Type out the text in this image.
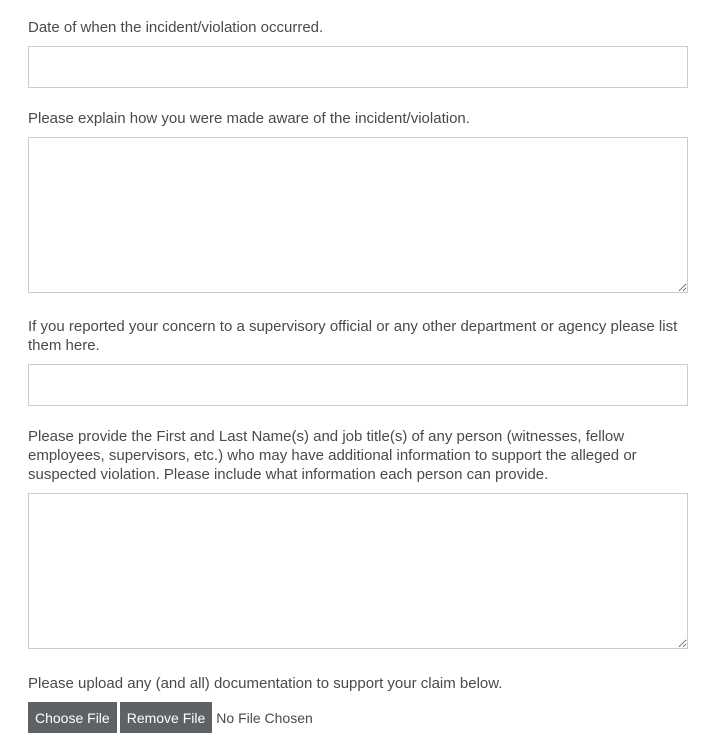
Date of when the incident/violation occurred.

Please explain how you were made aware of the incident/violation.

If you reported your concern to a supervisory official or any other department or agency please list them here.

Please provide the First and Last Name(s) and job title(s) of any person (witnesses, fellow employees, supervisors, etc.) who may have additional information to support the alleged or suspected violation. Please include what information each person can provide.

Please upload any (and all) documentation to support your claim below.

Choose File	Remove File No File Chosen
